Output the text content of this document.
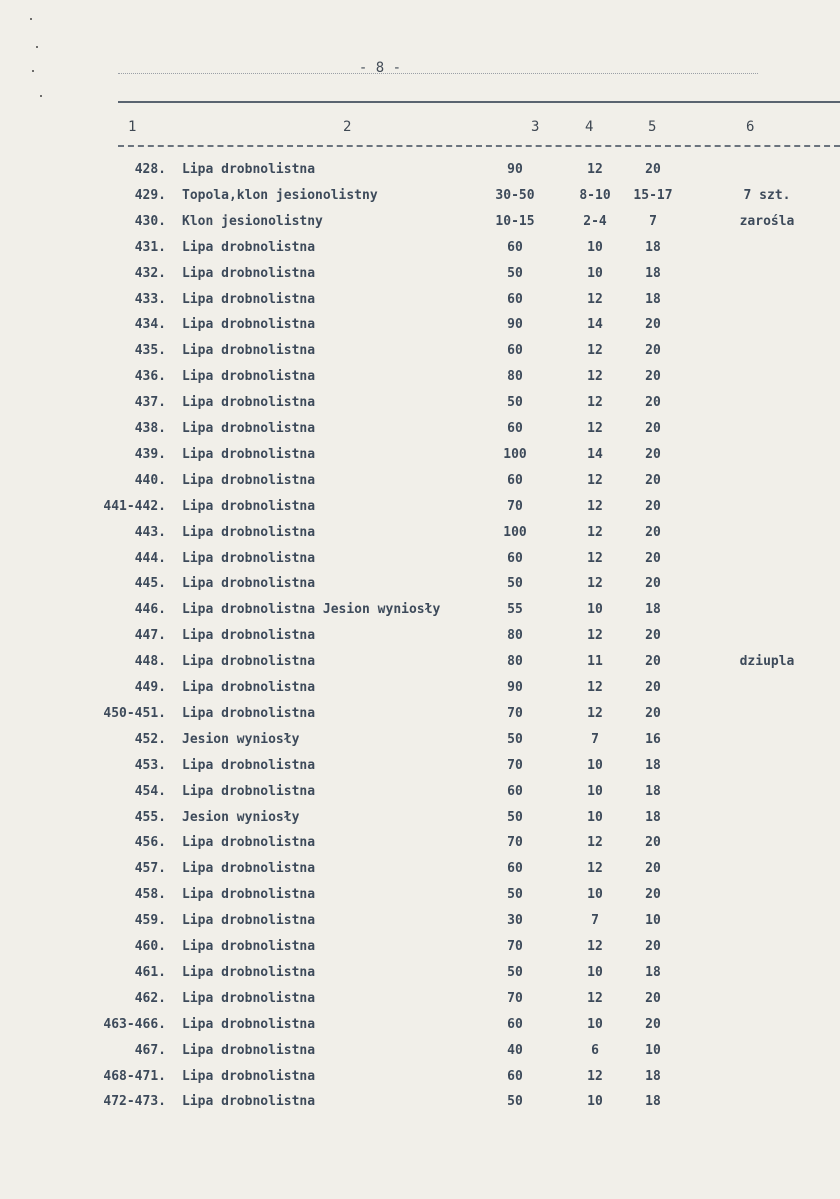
- 8 -
1	2	3	4	5	6
428. Lipa drobnolistna	90	12	20
429. Topola,klon jesionolistny	30-50	8-10	15-17	7 szt.
430. Klon jesionolistny	10-15	2-4	7	zarośla
431. Lipa drobnolistna	60	10	18
432. Lipa drobnolistna	50	10	18
433. Lipa drobnolistna	60	12	18
434. Lipa drobnolistna	90	14	20
435. Lipa drobnolistna	60	12	20
436. Lipa drobnolistna	80	12	20
437. Lipa drobnolistna	50	12	20
438. Lipa drobnolistna	60	12	20
439. Lipa drobnolistna	100	14	20
440. Lipa drobnolistna	60	12	20
441-442. Lipa drobnolistna	70	12	20
443. Lipa drobnolistna	100	12	20
444. Lipa drobnolistna	60	12	20
445. Lipa drobnolistna	50	12	20
446. Lipa drobnolistna Jesion wyniosły	55	10	18
447. Lipa drobnolistna	80	12	20
448. Lipa drobnolistna	80	11	20	dziupla
449. Lipa drobnolistna	90	12	20
450-451. Lipa drobnolistna	70	12	20
452. Jesion wyniosły	50	7	16
453. Lipa drobnolistna	70	10	18
454. Lipa drobnolistna	60	10	18
455. Jesion wyniosły	50	10	18
456. Lipa drobnolistna	70	12	20
457. Lipa drobnolistna	60	12	20
458. Lipa drobnolistna	50	10	20
459. Lipa drobnolistna	30	7	10
460. Lipa drobnolistna	70	12	20
461. Lipa drobnolistna	50	10	18
462. Lipa drobnolistna	70	12	20
463-466. Lipa drobnolistna	60	10	20
467. Lipa drobnolistna	40	6	10
468-471. Lipa drobnolistna	60	12	18
472-473. Lipa drobnolistna	50	10	18
